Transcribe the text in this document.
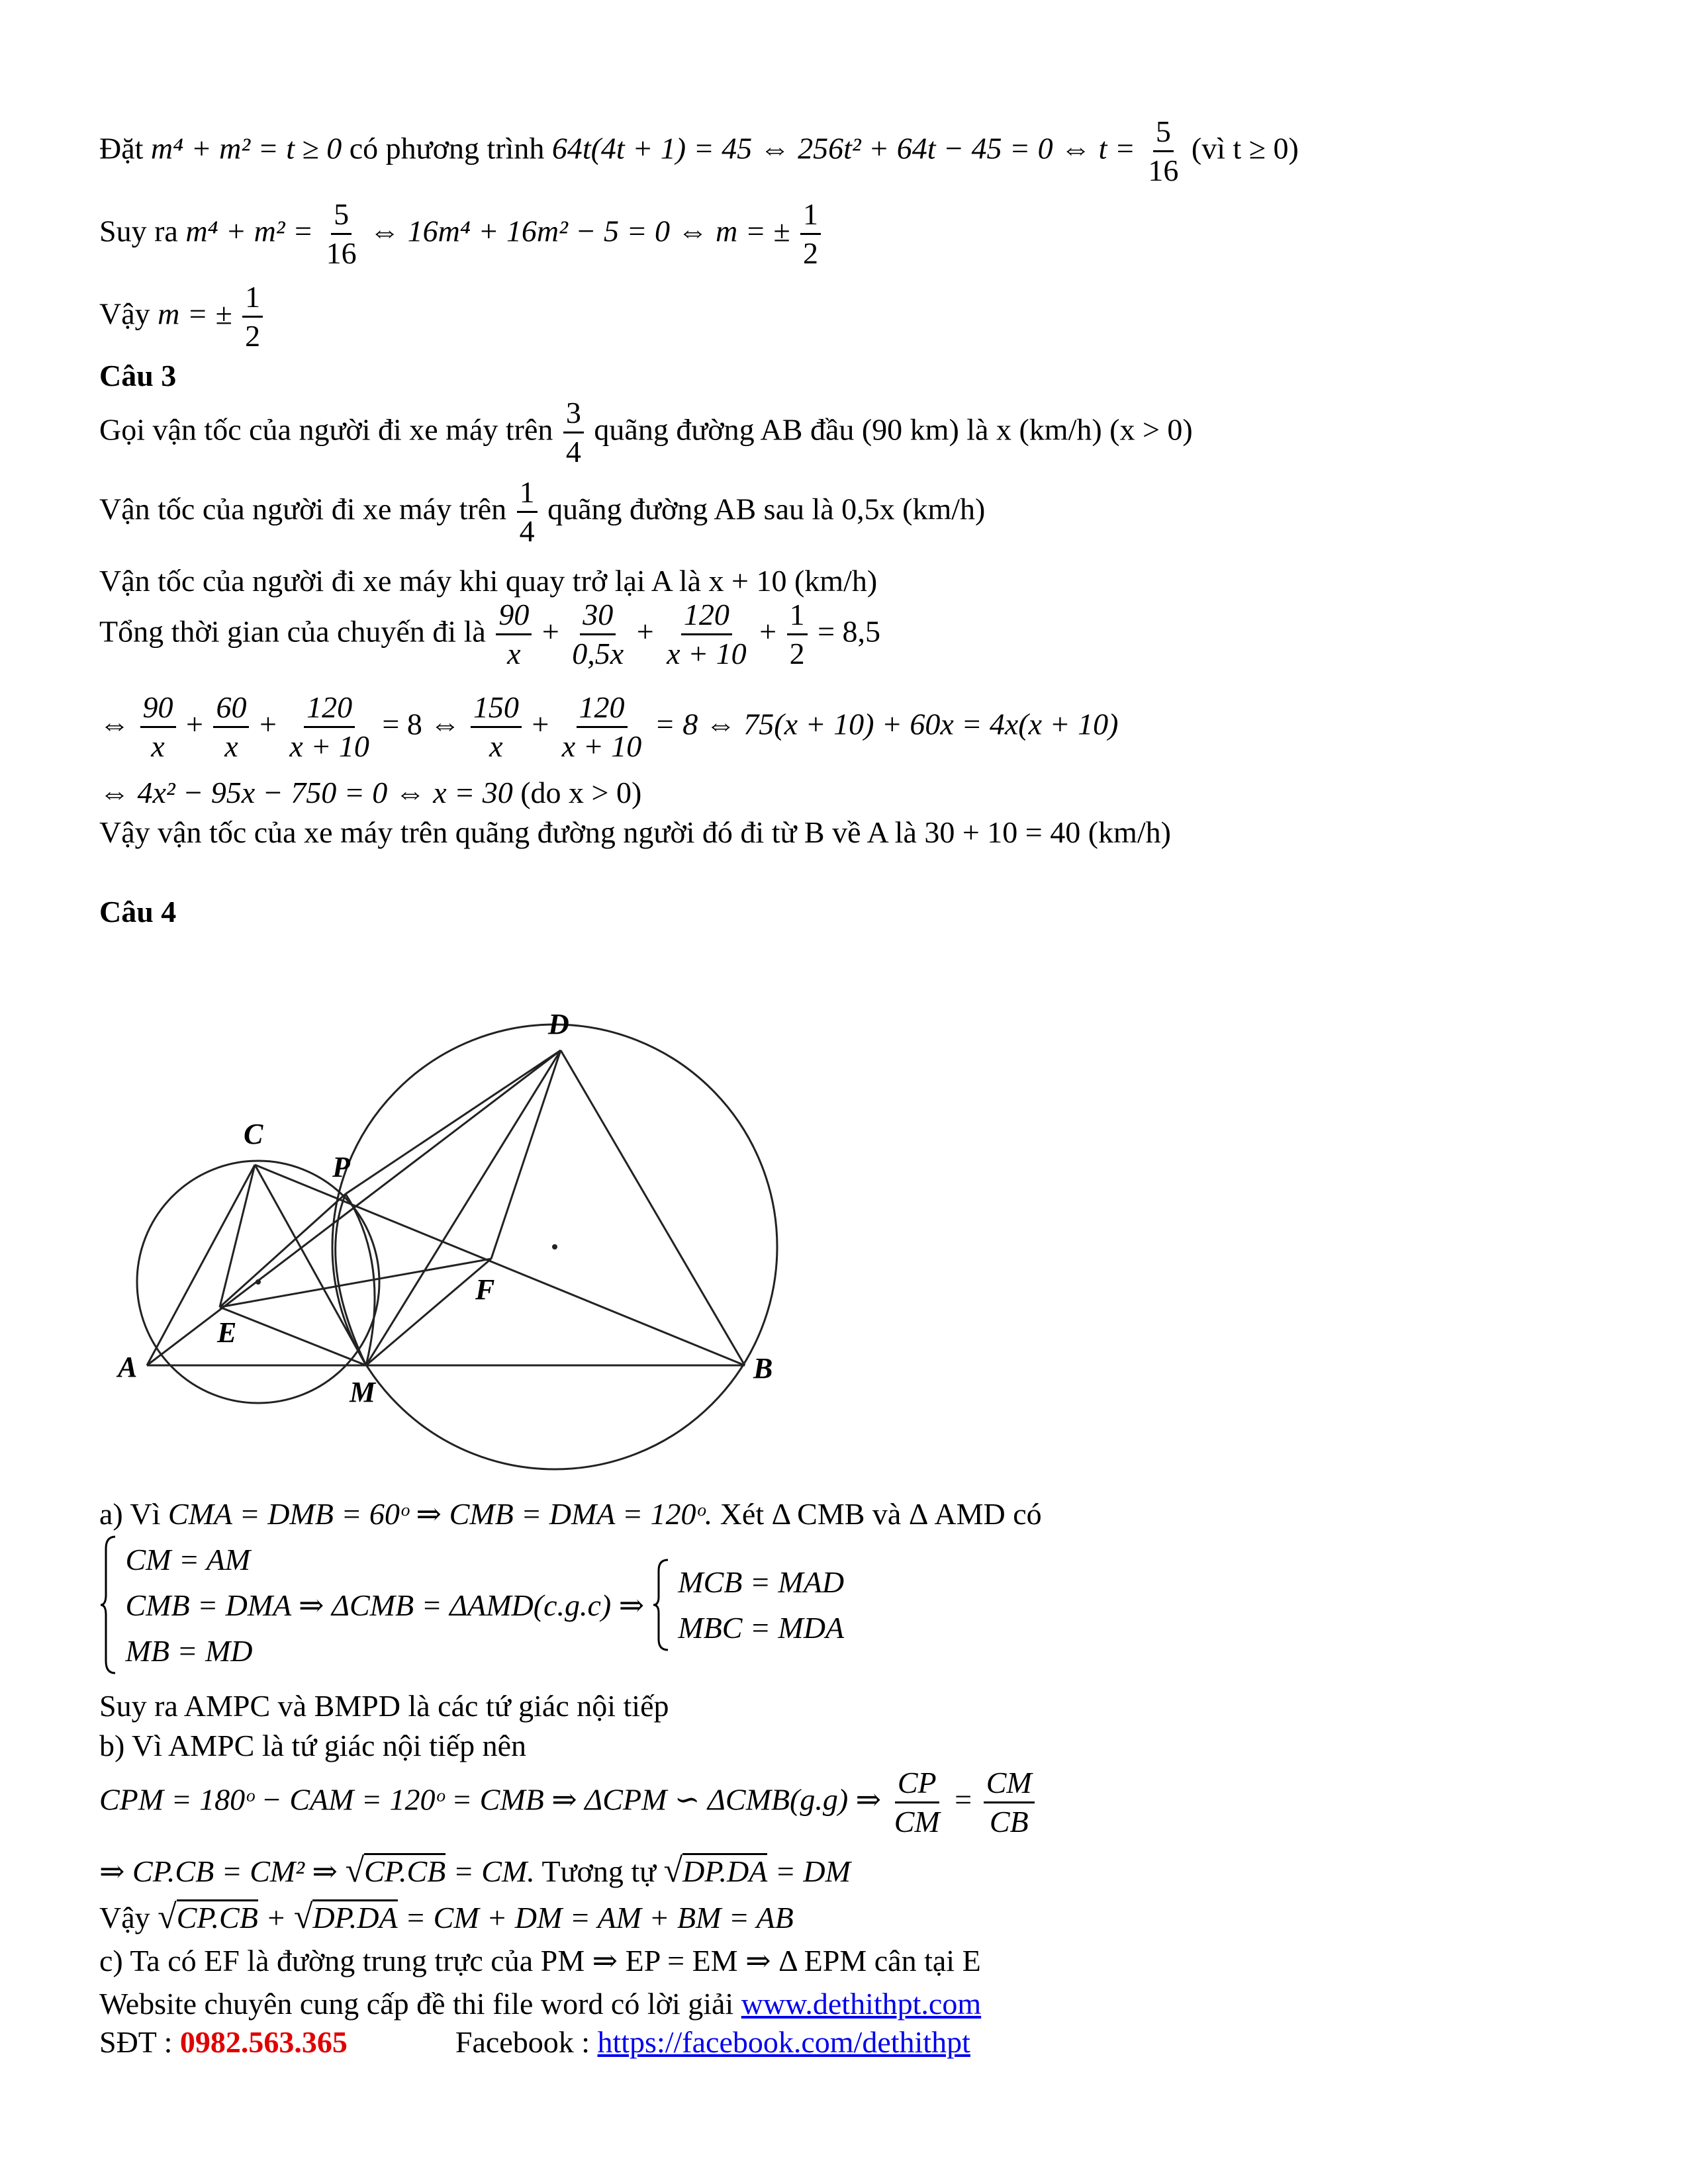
Đặt m⁴ + m² = t ≥ 0 có phương trình 64t(4t + 1) = 45 ⇔ 256t² + 64t − 45 = 0 ⇔ $t = \frac{5}{16}$ (vì t ≥ 0)
Suy ra $m^4 + m^2 = \frac{5}{16}$ ⇔ 16m⁴ + 16m² − 5 = 0 ⇔ m = ± $\frac{1}{2}$
Vậy m = ± $\frac{1}{2}$
Câu 3
Gọi vận tốc của người đi xe máy trên $\frac{3}{4}$ quãng đường AB đầu (90 km) là x (km/h) (x > 0)
Vận tốc của người đi xe máy trên $\frac{1}{4}$ quãng đường AB sau là 0,5x (km/h)
Vận tốc của người đi xe máy khi quay trở lại A là x + 10 (km/h)
Tổng thời gian của chuyến đi là $\frac{90}{x} + \frac{30}{0,5x} + \frac{120}{x + 10} + \frac{1}{2} = 8,5$
⇔ $\frac{90}{x} + \frac{60}{x} + \frac{120}{x + 10} = 8$ ⇔ $\frac{150}{x} + \frac{120}{x + 10} = 8$ ⇔ 75(x + 10) + 60x = 4x(x + 10)
⇔ 4x² − 95x − 750 = 0 ⇔ x = 30 (do x > 0)
Vậy vận tốc của xe máy trên quãng đường người đó đi từ B về A là 30 + 10 = 40 (km/h)
Câu 4
A	B
C
D
E
F
M
P
a) Vì CMA = DMB = 60ᵒ ⇒ CMB = DMA = 120ᵒ. Xét Δ CMB và Δ AMD có

CM = AM
CMB = DMA ⇒ ΔCMB = ΔAMD(c.g.c) ⇒
MB = MD

MCB = MAD
MBC = MDA
Suy ra AMPC và BMPD là các tứ giác nội tiếp
b) Vì AMPC là tứ giác nội tiếp nên
CPM = 180ᵒ − CAM = 120ᵒ = CMB ⇒ ΔCPM ∽ ΔCMB(g.g) ⇒ $\frac{CP}{CM} = \frac{CM}{CB}$
⇒ CP.CB = CM² ⇒ √CP.CB = CM. Tương tự √DP.DA = DM
Vậy √CP.CB + √DP.DA = CM + DM = AM + BM = AB
c) Ta có EF là đường trung trực của PM ⇒ EP = EM ⇒ Δ EPM cân tại E
Website chuyên cung cấp đề thi file word có lời giải www.dethithpt.com
SĐT : 0982.563.365	Facebook : https://facebook.com/dethithpt
